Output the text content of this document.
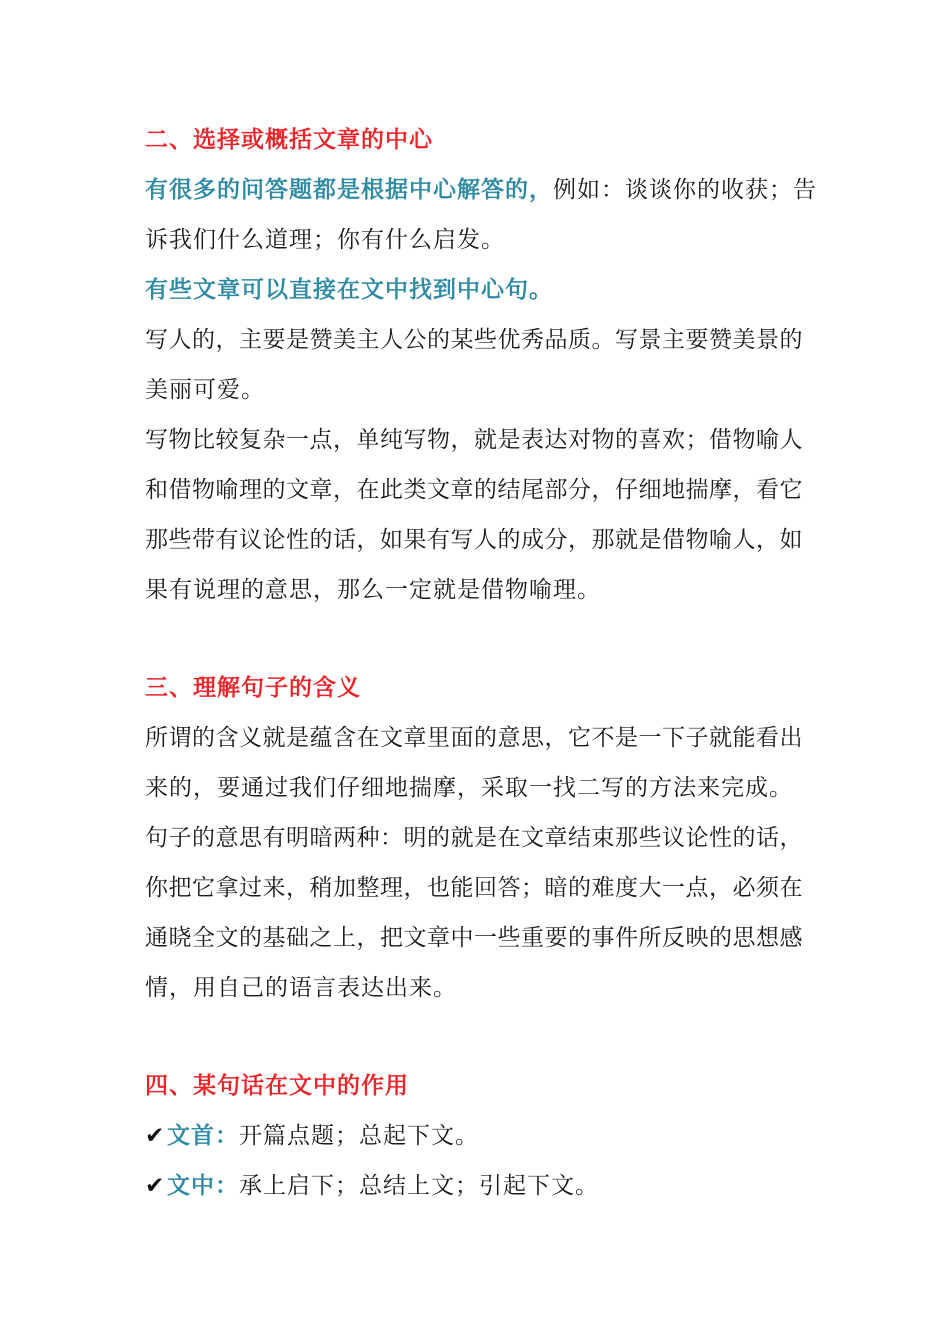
二、选择或概括文章的中心
有很多的问答题都是根据中心解答的，例如：谈谈你的收获；告
诉我们什么道理；你有什么启发。
有些文章可以直接在文中找到中心句。
写人的，主要是赞美主人公的某些优秀品质。写景主要赞美景的
美丽可爱。
写物比较复杂一点，单纯写物，就是表达对物的喜欢；借物喻人
和借物喻理的文章，在此类文章的结尾部分，仔细地揣摩，看它
那些带有议论性的话，如果有写人的成分，那就是借物喻人，如
果有说理的意思，那么一定就是借物喻理。
三、理解句子的含义
所谓的含义就是蕴含在文章里面的意思，它不是一下子就能看出
来的，要通过我们仔细地揣摩，采取一找二写的方法来完成。
句子的意思有明暗两种：明的就是在文章结束那些议论性的话，
你把它拿过来，稍加整理，也能回答；暗的难度大一点，必须在
通晓全文的基础之上，把文章中一些重要的事件所反映的思想感
情，用自己的语言表达出来。
四、某句话在文中的作用
✔文首：开篇点题；总起下文。
✔文中：承上启下；总结上文；引起下文。
